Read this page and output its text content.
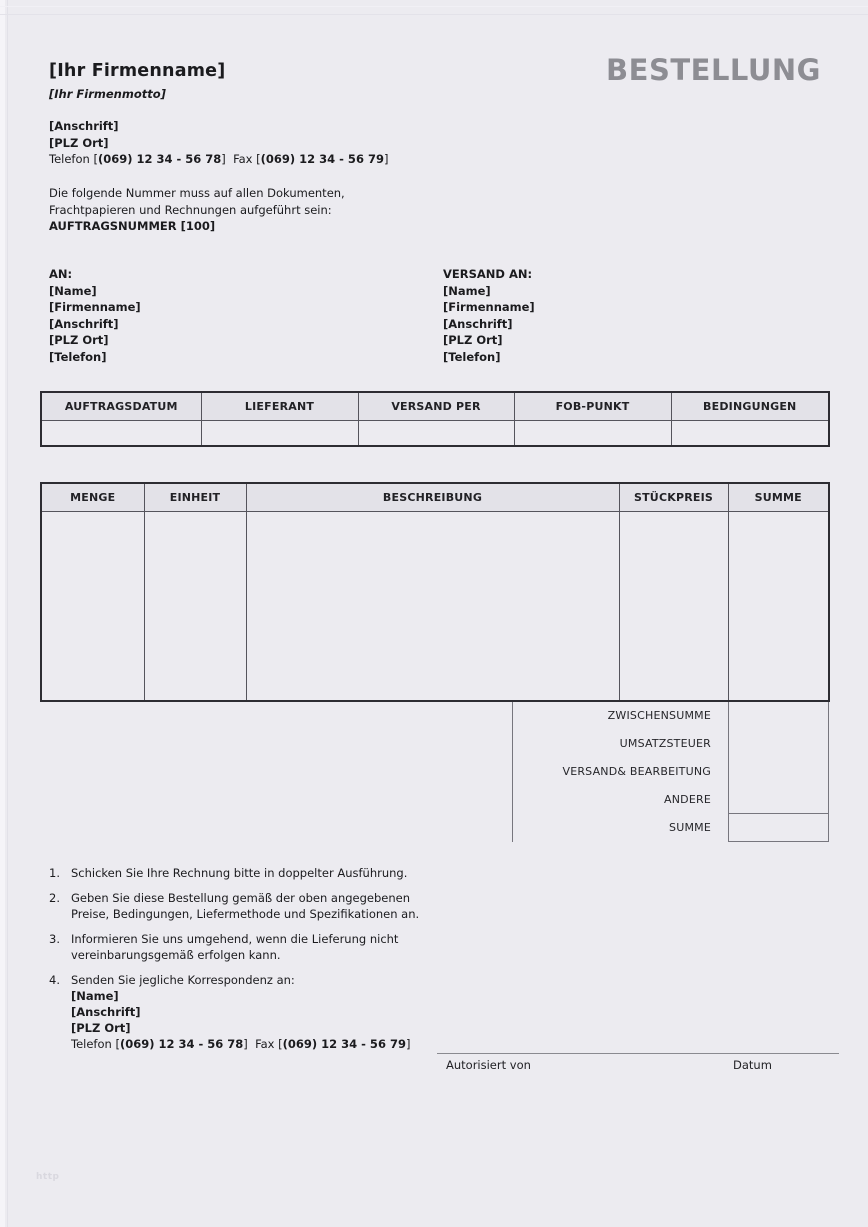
[Ihr Firmenname]
[Ihr Firmenmotto]
BESTELLUNG
[Anschrift]
[PLZ Ort]
Telefon [(069) 12 34 - 56 78]  Fax [(069) 12 34 - 56 79]
Die folgende Nummer muss auf allen Dokumenten,
Frachtpapieren und Rechnungen aufgeführt sein:
AUFTRAGSNUMMER [100]
AN:
[Name]
[Firmenname]
[Anschrift]
[PLZ Ort]
[Telefon]
VERSAND AN:
[Name]
[Firmenname]
[Anschrift]
[PLZ Ort]
[Telefon]
AUFTRAGSDATUM	LIEFERANT	VERSAND PER	FOB-PUNKT	BEDINGUNGEN

MENGE	EINHEIT	BESCHREIBUNG	STÜCKPREIS	SUMME

ZWISCHENSUMME
UMSATZSTEUER
VERSAND& BEARBEITUNG
ANDERE
SUMME
1. Schicken Sie Ihre Rechnung bitte in doppelter Ausführung.
2. Geben Sie diese Bestellung gemäß der oben angegebenen
Preise, Bedingungen, Liefermethode und Spezifikationen an.
3. Informieren Sie uns umgehend, wenn die Lieferung nicht
vereinbarungsgemäß erfolgen kann.
4. Senden Sie jegliche Korrespondenz an:
[Name]
[Anschrift]
[PLZ Ort]
Telefon [(069) 12 34 - 56 78]  Fax [(069) 12 34 - 56 79]
Autorisiert von	Datum
http
